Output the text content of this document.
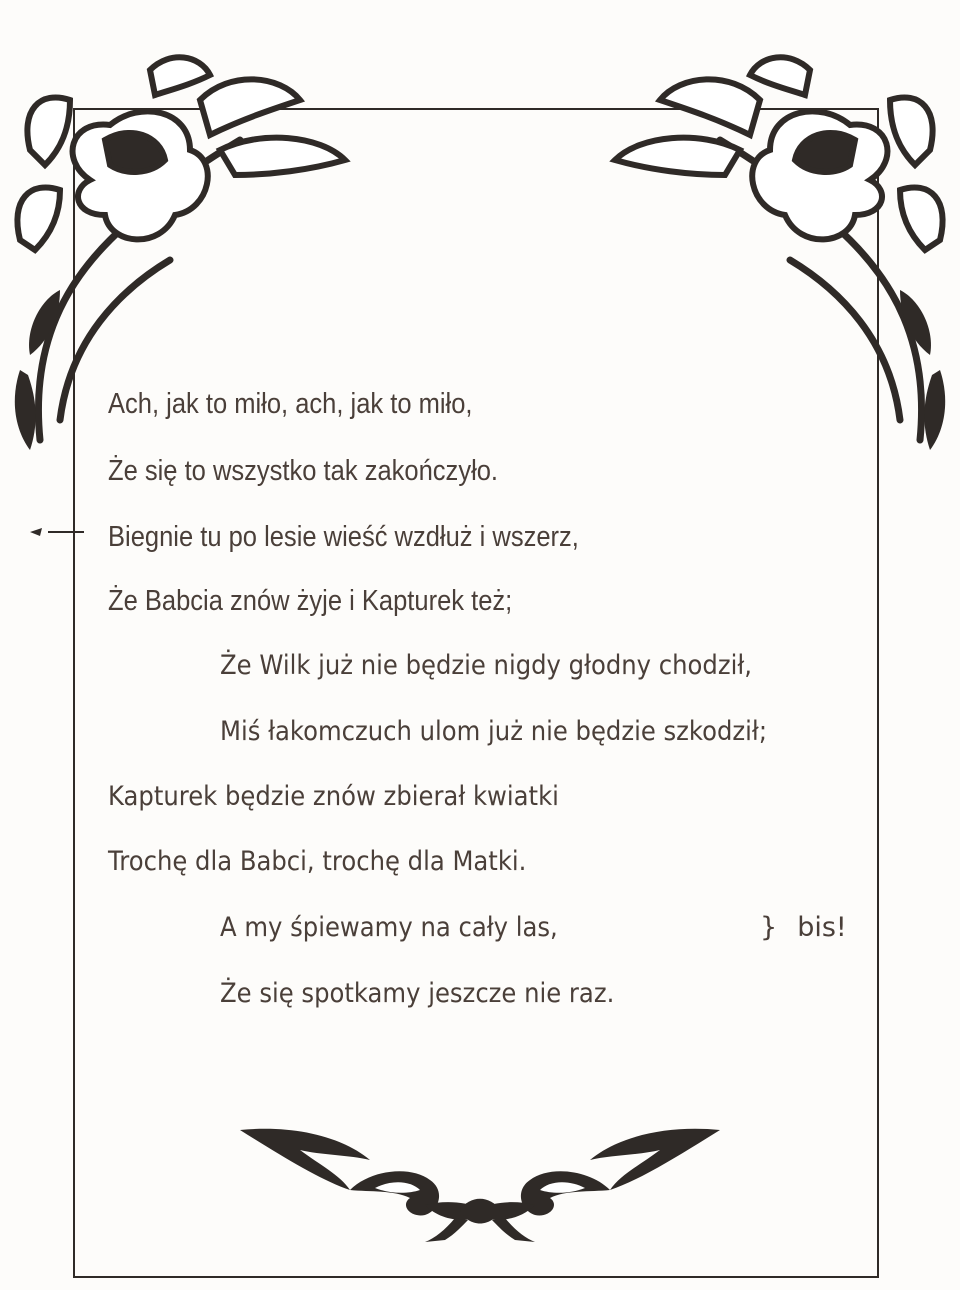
Ach, jak to miło, ach, jak to miło,

Że się to wszystko tak zakończyło.

Biegnie tu po lesie wieść wzdłuż i wszerz,

Że Babcia znów żyje i Kapturek też;

Że Wilk już nie będzie nigdy głodny chodził,

Miś łakomczuch ulom już nie będzie szkodził;

Kapturek będzie znów zbierał kwiatki

Trochę dla Babci, trochę dla Matki.

A my śpiewamy na cały las,

Że się spotkamy jeszcze nie raz.

} bis!
